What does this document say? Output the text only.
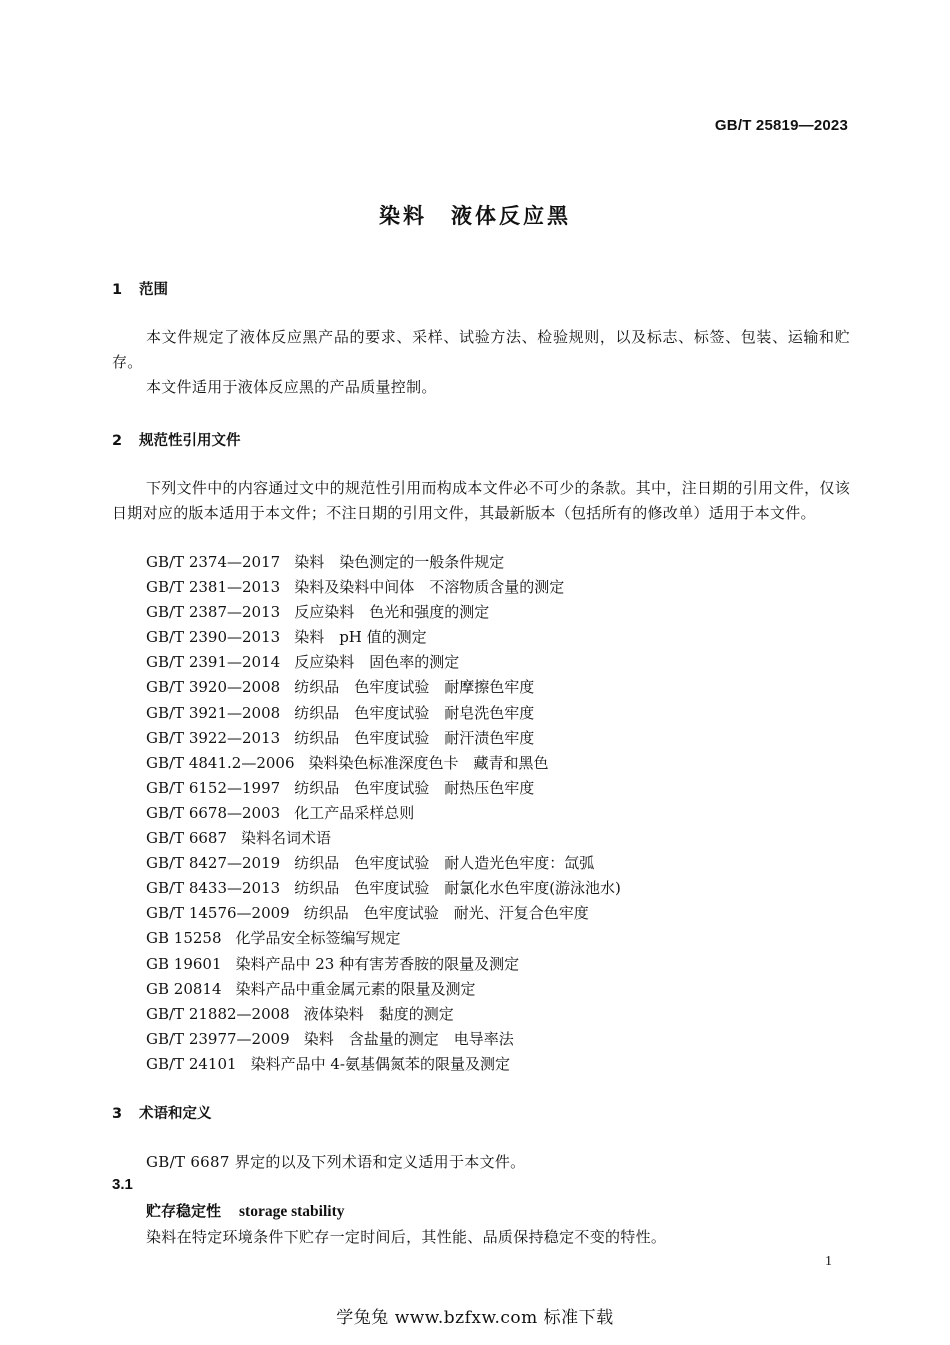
GB/T 25819—2023
染料　液体反应黑
1 范围
本文件规定了液体反应黑产品的要求、采样、试验方法、检验规则，以及标志、标签、包装、运输和贮存。
本文件适用于液体反应黑的产品质量控制。
2 规范性引用文件
下列文件中的内容通过文中的规范性引用而构成本文件必不可少的条款。其中，注日期的引用文件，仅该日期对应的版本适用于本文件；不注日期的引用文件，其最新版本（包括所有的修改单）适用于本文件。
GB/T 2374—2017 染料　染色测定的一般条件规定
GB/T 2381—2013 染料及染料中间体　不溶物质含量的测定
GB/T 2387—2013 反应染料　色光和强度的测定
GB/T 2390—2013 染料　pH 值的测定
GB/T 2391—2014 反应染料　固色率的测定
GB/T 3920—2008 纺织品　色牢度试验　耐摩擦色牢度
GB/T 3921—2008 纺织品　色牢度试验　耐皂洗色牢度
GB/T 3922—2013 纺织品　色牢度试验　耐汗渍色牢度
GB/T 4841.2—2006 染料染色标准深度色卡　藏青和黑色
GB/T 6152—1997 纺织品　色牢度试验　耐热压色牢度
GB/T 6678—2003 化工产品采样总则
GB/T 6687 染料名词术语
GB/T 8427—2019 纺织品　色牢度试验　耐人造光色牢度：氙弧
GB/T 8433—2013 纺织品　色牢度试验　耐氯化水色牢度(游泳池水)
GB/T 14576—2009 纺织品　色牢度试验　耐光、汗复合色牢度
GB 15258 化学品安全标签编写规定
GB 19601 染料产品中 23 种有害芳香胺的限量及测定
GB 20814 染料产品中重金属元素的限量及测定
GB/T 21882—2008 液体染料　黏度的测定
GB/T 23977—2009 染料　含盐量的测定　电导率法
GB/T 24101 染料产品中 4-氨基偶氮苯的限量及测定
3 术语和定义
GB/T 6687 界定的以及下列术语和定义适用于本文件。
3.1
贮存稳定性 storage stability
染料在特定环境条件下贮存一定时间后，其性能、品质保持稳定不变的特性。
1
学兔兔 www.bzfxw.com 标准下载
